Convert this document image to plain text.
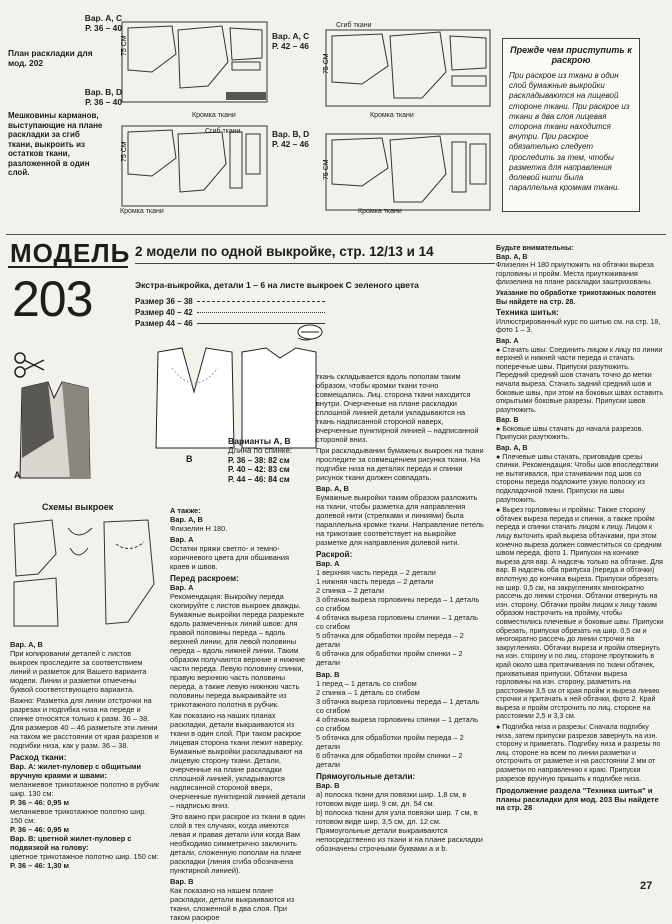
Вар. А, С
Р. 36 – 40
План раскладки для мод. 202
Вар. B, D
Р. 36 – 40
Мешковины карманов, выступающие на плане раскладки за сгиб ткани, выкроить из остатков ткани, разложенной в один слой.
75 СМ
75 СМ
Кромка ткани
Сгиб ткани
Кромка ткани
Вар. А, С
Р. 42 – 46
Вар. B, D
Р. 42 – 46
75 СМ
75 СМ
Сгиб ткани
Кромка ткани
Кромка ткани
Прежде чем приступить к раскрою
При раскрое из ткани в один слой бумажные выкройки раскладываются на лицевой стороне ткани. При раскрое из ткани в два слоя лицевая сторона ткани находится внутри. При раскрое обязательно следует проследить за тем, чтобы разметка для направления долевой нити была параллельна кромкам ткани.
МОДЕЛЬ
203
2 модели по одной выкройке, стр. 12/13 и 14
Экстра-выкройка, детали 1 – 6 на листе выкроек С зеленого цвета
Размер 36 – 38
Размер 40 – 42
Размер 44 – 46
А
В
Варианты А, В
Длина по спинке:
Р. 36 – 38: 82 см
Р. 40 – 42: 83 см
Р. 44 – 46: 84 см
Схемы выкроек
Вар. А, В

При копировании деталей с листов выкроек проследите за соответствием линий и разметок для Вашего варианта модели. Линии и разметки отмечены буквой соответствующего варианта.

Важно: Разметка для линии отстрочки на разрезах и подгибка низа на переде и спинке относятся только к разм. 36 – 38. Для размеров 40 – 46 разметьте эти линии на таком же расстоянии от края разрезов и подгибки низа, как у разм. 36 – 38.

Расход ткани:
Вар. А: жилет-пуловер с общитыми вручную краями и швами:
меланжевое трикотажное полотно в рубчик шир. 130 см:
Р. 36 – 46: 0,95 м
меланжевое трикотажное полотно шир. 150 см:
Р. 36 – 46: 0,95 м
Вар. В: цветной жилет-пуловер с подвязкой на голову:
цветное трикотажное полотно шир. 150 см:
Р. 36 – 46: 1,30 м
А также:
Вар. А, В

Флизелин Н 180.

Вар. А

Остатки пряжи светло- и темно-коричневого цвета для обшивания краев и швов.

Перед раскроем:
Вар. А

Рекомендация: Выкройку переда скопируйте с листов выкроек дважды. Бумажные выкройки переда разрежьте вдоль размеченных линий швов: для правой половины переда – вдоль верхней линии, для левой половины переда – вдоль нижней линии. Таким образом получаются верхние и нижние части переда. Левую половину спинки, правую верхнюю часть половины переда, а также левую нижнюю часть половины переда выкраивайте из трикотажного полотна в рубчик.

Как показано на наших планах раскладки, детали выкраиваются из ткани в один слой. При таком раскрое лицевая сторона ткани лежит наверху. Бумажные выкройки раскладывают на лицевую сторону ткани. Детали, очерченные на плане раскладки сплошной линией, укладываются надписанной стороной вверх, очерченные пунктирной линией детали – надписью вниз.

Это важно при раскрое из ткани в один слой в тех случаях, когда имеются левая и правая детали или когда Вам необходимо симметрично заключить детали, сложенную пополам на плане раскладки (линия сгиба обозначена пунктирной линией).

Вар. В

Как показано на нашем плане раскладки, детали выкраиваются из ткани, сложенной в два слоя. При таком раскрое

ткань складывается вдоль пополам таким образом, чтобы кромки ткани точно совмещались. Лиц. сторона ткани находится внутри. Очерченные на плане раскладки сплошной линией детали укладываются на ткань надписанной стороной наверх, очерченные пунктирной линией – надписанной стороной вниз.

При раскладывании бумажных выкроек на ткани проследите за совмещением рисунка ткани. На подгибке низа на деталях переда и спинки рисунок ткани должен совпадать.

Вар. А, В

Бумажные выкройки таким образом разложить на ткани, чтобы разметка для направления долевой нити (стрелками и линиями) была параллельна кромке ткани. Направление петель на трикотаже соответствует на выкройке разметке для направления долевой нити.

Раскрой:
Вар. А
1 верхняя часть переда – 2 детали
1 нижняя часть переда – 2 детали
2 спинка – 2 детали
3 обтачка выреза горловины переда – 1 деталь со сгибом
4 обтачка выреза горловины спинки – 1 деталь со сгибом
5 обтачка для обработки пройм переда – 2 детали
6 обтачка для обработки пройм спинки – 2 детали
Вар. В
1 перед – 1 деталь со сгибом
2 спинка – 1 деталь со сгибом
3 обтачка выреза горловины переда – 1 деталь со сгибом
4 обтачка выреза горловины спинки – 1 деталь со сгибом
5 обтачка для обработки пройм переда – 2 детали
6 обтачка для обработки пройм спинки – 2 детали
Прямоугольные детали:
Вар. В
а) полоска ткани для повязки шир. 1,8 см, в готовом виде шир. 9 см, дл. 54 см.
b) полоска ткани для узла повязки шир. 7 см, в готовом виде шир. 3,5 см, дл. 12 см.
Прямоугольные детали выкраиваются непосредственно из ткани и на плане раскладки обозначены строчными буквами а и b.
Будьте внимательны:
Вар. А, В

Флизелин Н 180 приутюжить на обтачки выреза горловины и пройм. Места приутюживания флизелина на плане раскладки заштрихованы.

Указание по обработке трикотажных полотен Вы найдете на стр. 28.
Техника шитья:

Иллюстрированный курс по шитью см. на стр. 18, фото 1 – 3.

Вар. А

● Стачать швы: Соединить лицом к лицу по линии верхней и нижней части переда и стачать поперечные швы. Припуски разутюжить. Передний средний шов стачать точно до метки начала выреза. Стачать задний средний шов и боковые швы, при этом на боковых швах оставить открытыми боковые разрезы. Припуски швов разутюжить.

Вар. В

● Боковые швы стачать до начала разрезов. Припуски разутюжить.

Вар. А, В

● Плечевые швы стачать, приговадив срезы спинки. Рекомендация: Чтобы шов впоследствии не вытягивался, при стачивании под шов со стороны переда подложите узкую полоску из подкладочной ткани. Припуски на швы разутюжить.

● Вырез горловины и проймы: Также сторону обтачек выреза переда и спинки, а также пройм переда и спинки стачать лицом к лицу. Лицом к лицу выточить край выреза обтачками, при этом конечно выреза должен совместиться со средним швом переда, фото 1. Припуски на кончике выреза для вар. А надсечь только на обтачке. Для вар. В надсечь оба припуска (переда и обтачки) вплотную до кончика выреза. Припуски обрезать на шир. 0,5 см, на закруглениях многократно рассечь до линии строчки. Обтачки отвернуть на изн. сторону. Обтачки пройм лицом к лицу таким образом настрочить на пройму, чтобы совместились плечевые и боковые швы. Припуски обрезать, припуски обрезать на шир. 0,5 см и многократно рассечь до линии строчки на закруглениях. Обтачки выреза и пройм отвернуть на изн. сторону и по лиц. стороне проутюжить в край около шва притачивания по ткани обтачек, прихватывая припуски. Обтачки выреза горловины на изн. сторону, разметить на расстоянии 3,5 см от края пройм и выреза линию строчки и притачать к ней обтачки, фото 2. Край выреза и пройм отстрочить по лиц. стороне на расстоянии 2,5 и 3,3 см.

● Подгибка низа и разрезы: Сначала подгибку низа, затем припуски разрезов завернуть на изн. сторону и приметать. Подгибку низа и разрезы по лиц. стороне на всем по линии разметки и отстрочить от разметке и на расстоянии 2 мм от разметки по направлению к краю. Припуски разрезов вручную пришить к подгибке низа.

Продолжение раздела "Техника шитья" и планы раскладки для мод. 203 Вы найдете на стр. 28
27
